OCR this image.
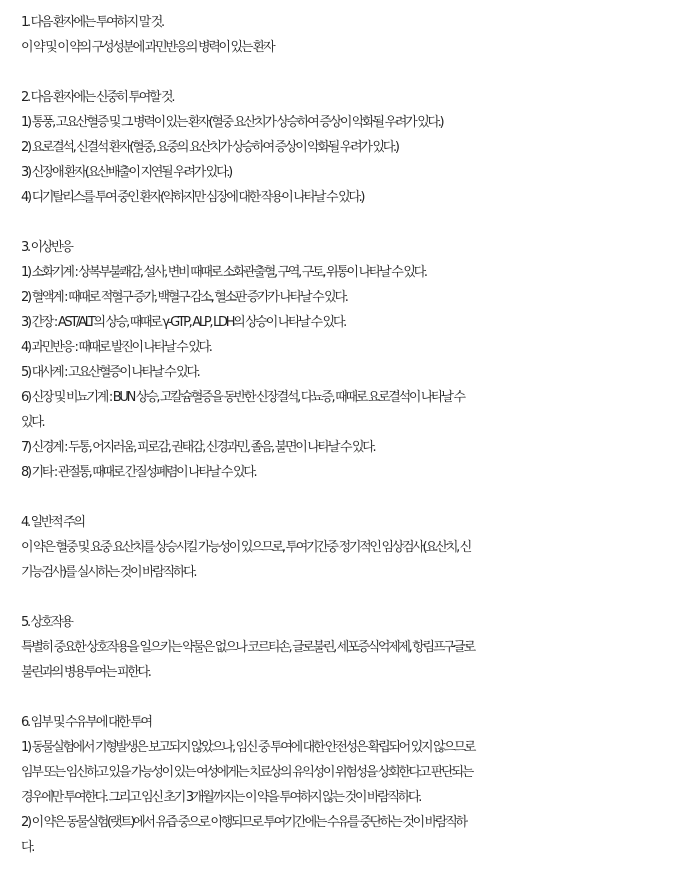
1. 다음 환자에는 투여하지 말 것.
이 약 및 이 약의 구성성분에 과민반응의 병력이 있는 환자
2. 다음 환자에는 신중히 투여할 것.
1) 통풍, 고요산혈증 및 그 병력이 있는 환자(혈중 요산치가 상승하여 증상이 악화될 우려가 있다.)
2) 요로결석, 신결석 환자(혈중, 요중의 요산치가 상승하여 증상이 악화될 우려가 있다.)
3) 신장애 환자(요산배출이 지연될 우려가 있다.)
4) 디기탈리스를 투여 중인 환자(약하지만 심장에 대한 작용이 나타날 수 있다.)
3. 이상반응
1) 소화기계 : 상복부불쾌감, 설사, 변비 때때로 소화관출혈, 구역, 구토, 위통이 나타날 수 있다.
2) 혈액계 : 때때로 적혈구 증가, 백혈구 감소, 혈소판 증가가 나타날 수 있다.
3) 간장 : AST/ALT의 상승, 때때로 γ-GTP, ALP, LDH의 상승이 나타날 수 있다.
4) 과민반응 : 때때로 발진이 나타날 수 있다.
5) 대사계 : 고요산혈증이 나타날 수 있다.
6) 신장 및 비뇨기계 : BUN 상승, 고칼슘혈증을 동반한 신장결석, 다뇨증, 때때로 요로결석이 나타날 수
있다.
7) 신경계 : 두통, 어지러움, 피로감, 권태감, 신경과민, 졸음, 불면이 나타날 수 있다.
8) 기타 : 관절통, 때때로 간질성폐렴이 나타날 수 있다.
4. 일반적 주의
이 약은 혈중 및 요중 요산치를 상승시킬 가능성이 있으므로, 투여기간중 정기적인 임상검사(요산치, 신
기능검사)를 실시하는 것이 바람직하다.
5. 상호작용
특별히 중요한 상호작용을 일으키는 약물은 없으나 코르티손, 글로불린, 세포증식억제제, 항림프구글로
불린과의 병용투여는 피한다.
6. 임부 및 수유부에 대한 투여
1) 동물실험에서 기형발생은 보고되지 않았으나, 임신 중 투여에 대한 안전성은 확립되어 있지 않으므로
임부 또는 임신하고 있을 가능성이 있는 여성에게는 치료상의 유익성이 위험성을 상회한다고 판단되는
경우에만 투여한다. 그리고 임신 초기 3개월까지는 이 약을 투여하지 않는 것이 바람직하다.
2) 이 약은 동물실험(랫트)에서 유즙 중으로 이행되므로 투여기간에는 수유를 중단하는 것이 바람직하
다.
